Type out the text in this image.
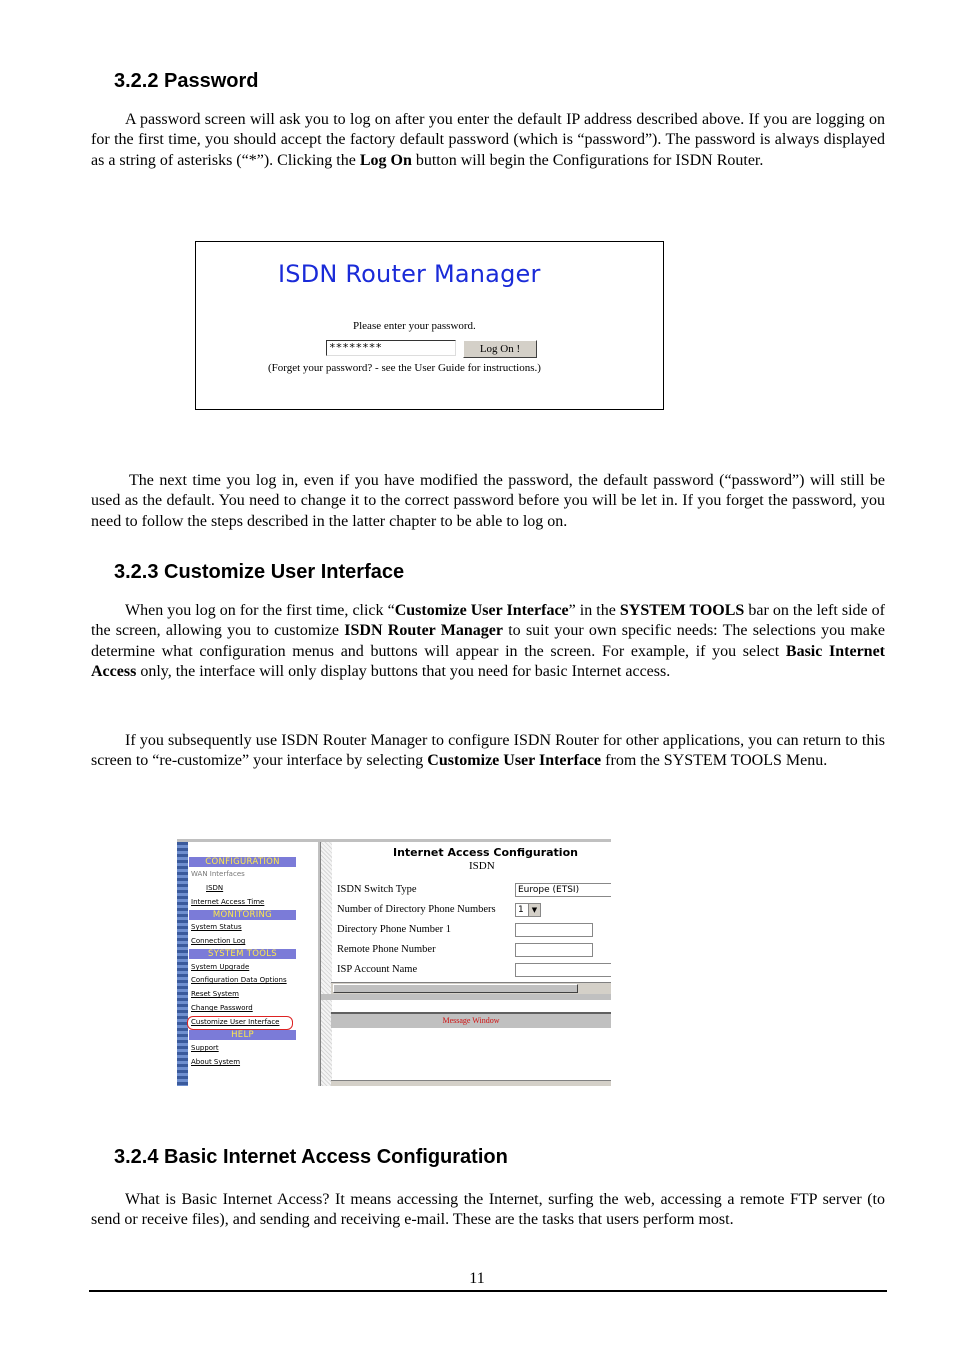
3.2.2 Password

A password screen will ask you to log on after you enter the default IP address described above. If you are logging on for the first time, you should accept the factory default password (which is “password”). The password is always displayed as a string of asterisks (“*”). Clicking the Log On button will begin the Configurations for ISDN Router.

ISDN Router Manager
Please enter your password.
********	Log On !
(Forget your password? - see the User Guide for instructions.)

The next time you log in, even if you have modified the password, the default password (“password”) will still be used as the default. You need to change it to the correct password before you will be let in. If you forget the password, you need to follow the steps described in the latter chapter to be able to log on.

3.2.3 Customize User Interface

When you log on for the first time, click “Customize User Interface” in the SYSTEM TOOLS bar on the left side of the screen, allowing you to customize ISDN Router Manager to suit your own specific needs: The selections you make determine what configuration menus and buttons will appear in the screen. For example, if you select Basic Internet Access only, the interface will only display buttons that you need for basic Internet access.

If you subsequently use ISDN Router Manager to configure ISDN Router for other applications, you can return to this screen to “re-customize” your interface by selecting Customize User Interface from the SYSTEM TOOLS Menu.

CONFIGURATION
WAN Interfaces
ISDN
Internet Access Time
MONITORING
System Status
Connection Log
SYSTEM TOOLS
System Upgrade
Configuration Data Options
Reset System
Change Password
Customize User Interface
HELP
Support
About System
Internet Access Configuration
ISDN
ISDN Switch Type	Europe (ETSI)
Number of Directory Phone Numbers	1	▼
Directory Phone Number 1
Remote Phone Number
ISP Account Name
Message Window
3.2.4 Basic Internet Access Configuration

What is Basic Internet Access? It means accessing the Internet, surfing the web, accessing a remote FTP server (to send or receive files), and sending and receiving e-mail. These are the tasks that users perform most.

11
